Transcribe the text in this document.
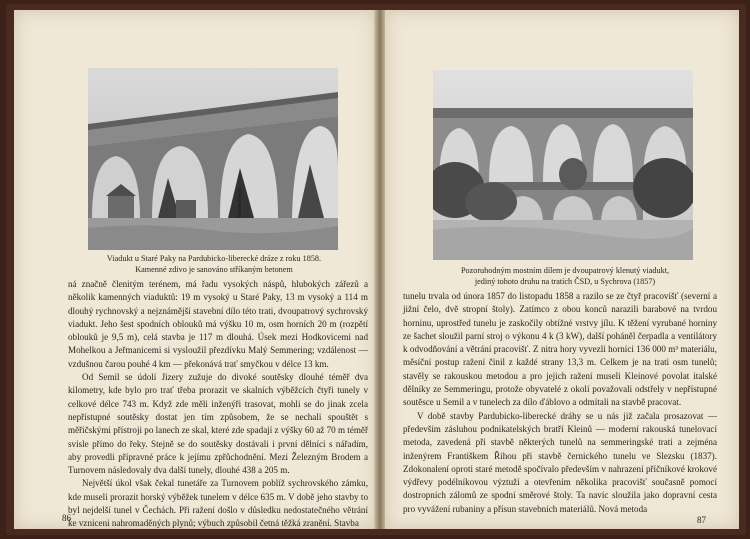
Viadukt u Staré Paky na Pardubicko-liberecké dráze z roku 1858.
Kamenné zdivo je sanováno stříkaným betonem

ná značně členitým terénem, má řadu vysokých náspů, hlubokých zářezů a několik kamenných viaduktů: 19 m vysoký u Staré Paky, 13 m vysoký a 114 m dlouhý rychnovský a nejznámější stavební dílo této trati, dvoupatrový sychrovský viadukt. Jeho šest spodních oblouků má výšku 10 m, osm horních 20 m (rozpětí oblouků je 9,5 m), celá stavba je 117 m dlouhá. Úsek mezi Hodkovicemi nad Mohelkou a Jeřmanicemi si vysloužil přezdívku Malý Semmering; vzdálenost — vzdušnou čarou pouhé 4 km — překonává trať smyčkou v délce 13 km.

Od Semil se údolí Jizery zužuje do divoké soutěsky dlouhé téměř dva kilometry, kde bylo pro trať třeba prorazit ve skalních výběžcích čtyři tunely v celkové délce 743 m. Když zde měli inženýři trasovat, mohli se do jinak zcela nepřístupné soutěsky dostat jen tím způsobem, že se nechali spouštět s měřičskými přístroji po lanech ze skal, které zde spadají z výšky 60 až 70 m téměř svisle přímo do řeky. Stejně se do soutěsky dostávali i první dělníci s nářadím, aby provedli přípravné práce k jejímu zpřůchodnění. Mezi Železným Brodem a Turnovem následovaly dva další tunely, dlouhé 438 a 205 m.

Největší úkol však čekal tunetáře za Turnovem poblíž sychrovského zámku, kde museli prorazit horský výběžek tunelem v délce 635 m. V době jeho stavby to byl nejdelší tunel v Čechách. Při ražení došlo v důsledku nedostatečného větrání ke vzniceni nahromaděných plynů; výbuch způsobil četná těžká zranění. Stavba

86
Pozoruhodným mostním dílem je dvoupatrový klenutý viadukt,
jediný tohoto druhu na tratích ČSD, u Sychrova (1857)

tunelu trvala od února 1857 do listopadu 1858 a razilo se ze čtyř pracovišť (severní a jižní čelo, dvě stropní štoly). Zatímco z obou konců narazili barabové na tvrdou horninu, uprostřed tunelu je zaskočily obtížné vrstvy jílu. K těžení vyrubané horniny ze šachet sloužil parní stroj o výkonu 4 k (3 kW), další poháněl čerpadla a ventilátory k odvodňování a větrání pracovišť. Z nitra hory vyvezli horníci 136 000 m³ materiálu, měsíční postup ražení činil z každé strany 13,3 m. Celkem je na trati osm tunelů; stavěly se rakouskou metodou a pro jejich ražení museli Kleinové povolat italské dělníky ze Semmeringu, protože obyvatelé z okolí považovali odstřely v nepřístupné soutěsce u Semil a v tunelech za dílo ďáblovo a odmítali na stavbě pracovat.

V době stavby Pardubicko-liberecké dráhy se u nás již začala prosazovat — především zásluhou podnikatelských bratří Kleinů — moderní rakouská tunelovací metoda, zavedená při stavbě některých tunelů na semmeringské trati a zejména inženýrem Františkem Řihou při stavbě černického tunelu ve Slezsku (1837). Zdokonalení oproti staré metodě spočívalo především v nahrazení příčníkové krokové výdřevy podélníkovou výztuží a otevřením několika pracovišť současně pomocí dostropních zálomů ze spodní směrové štoly. Ta navíc sloužila jako dopravní cesta pro vyvážení rubaniny a přísun stavebních materiálů. Nová metoda

87
